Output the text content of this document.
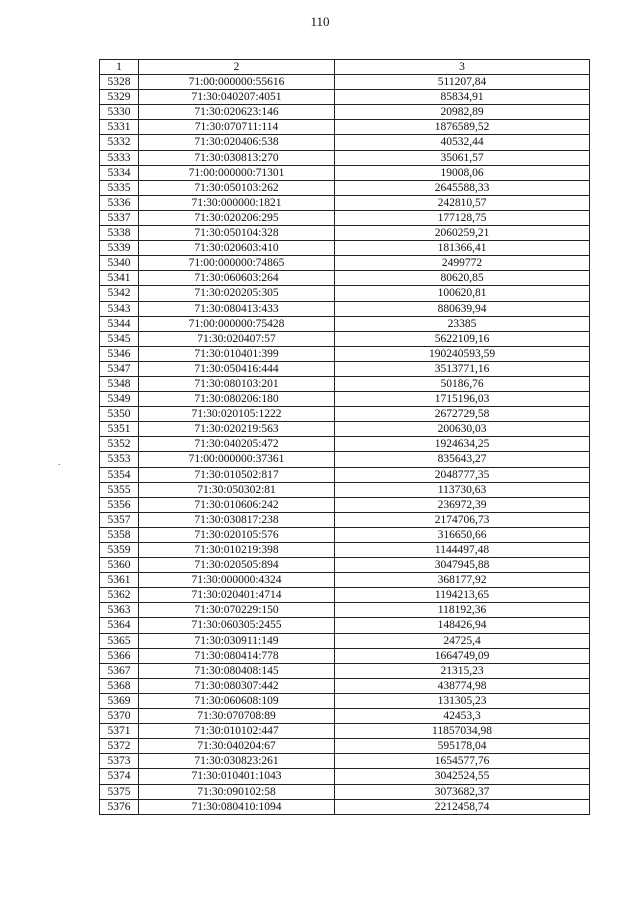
110
.
1	2	3
5328	71:00:000000:55616	511207,84
5329	71:30:040207:4051	85834,91
5330	71:30:020623:146	20982,89
5331	71:30:070711:114	1876589,52
5332	71:30:020406:538	40532,44
5333	71:30:030813:270	35061,57
5334	71:00:000000:71301	19008,06
5335	71:30:050103:262	2645588,33
5336	71:30:000000:1821	242810,57
5337	71:30:020206:295	177128,75
5338	71:30:050104:328	2060259,21
5339	71:30:020603:410	181366,41
5340	71:00:000000:74865	2499772
5341	71:30:060603:264	80620,85
5342	71:30:020205:305	100620,81
5343	71:30:080413:433	880639,94
5344	71:00:000000:75428	23385
5345	71:30:020407:57	5622109,16
5346	71:30:010401:399	190240593,59
5347	71:30:050416:444	3513771,16
5348	71:30:080103:201	50186,76
5349	71:30:080206:180	1715196,03
5350	71:30:020105:1222	2672729,58
5351	71:30:020219:563	200630,03
5352	71:30:040205:472	1924634,25
5353	71:00:000000:37361	835643,27
5354	71:30:010502:817	2048777,35
5355	71:30:050302:81	113730,63
5356	71:30:010606:242	236972,39
5357	71:30:030817:238	2174706,73
5358	71:30:020105:576	316650,66
5359	71:30:010219:398	1144497,48
5360	71:30:020505:894	3047945,88
5361	71:30:000000:4324	368177,92
5362	71:30:020401:4714	1194213,65
5363	71:30:070229:150	118192,36
5364	71:30:060305:2455	148426,94
5365	71:30:030911:149	24725,4
5366	71:30:080414:778	1664749,09
5367	71:30:080408:145	21315,23
5368	71:30:080307:442	438774,98
5369	71:30:060608:109	131305,23
5370	71:30:070708:89	42453,3
5371	71:30:010102:447	11857034,98
5372	71:30:040204:67	595178,04
5373	71:30:030823:261	1654577,76
5374	71:30:010401:1043	3042524,55
5375	71:30:090102:58	3073682,37
5376	71:30:080410:1094	2212458,74
